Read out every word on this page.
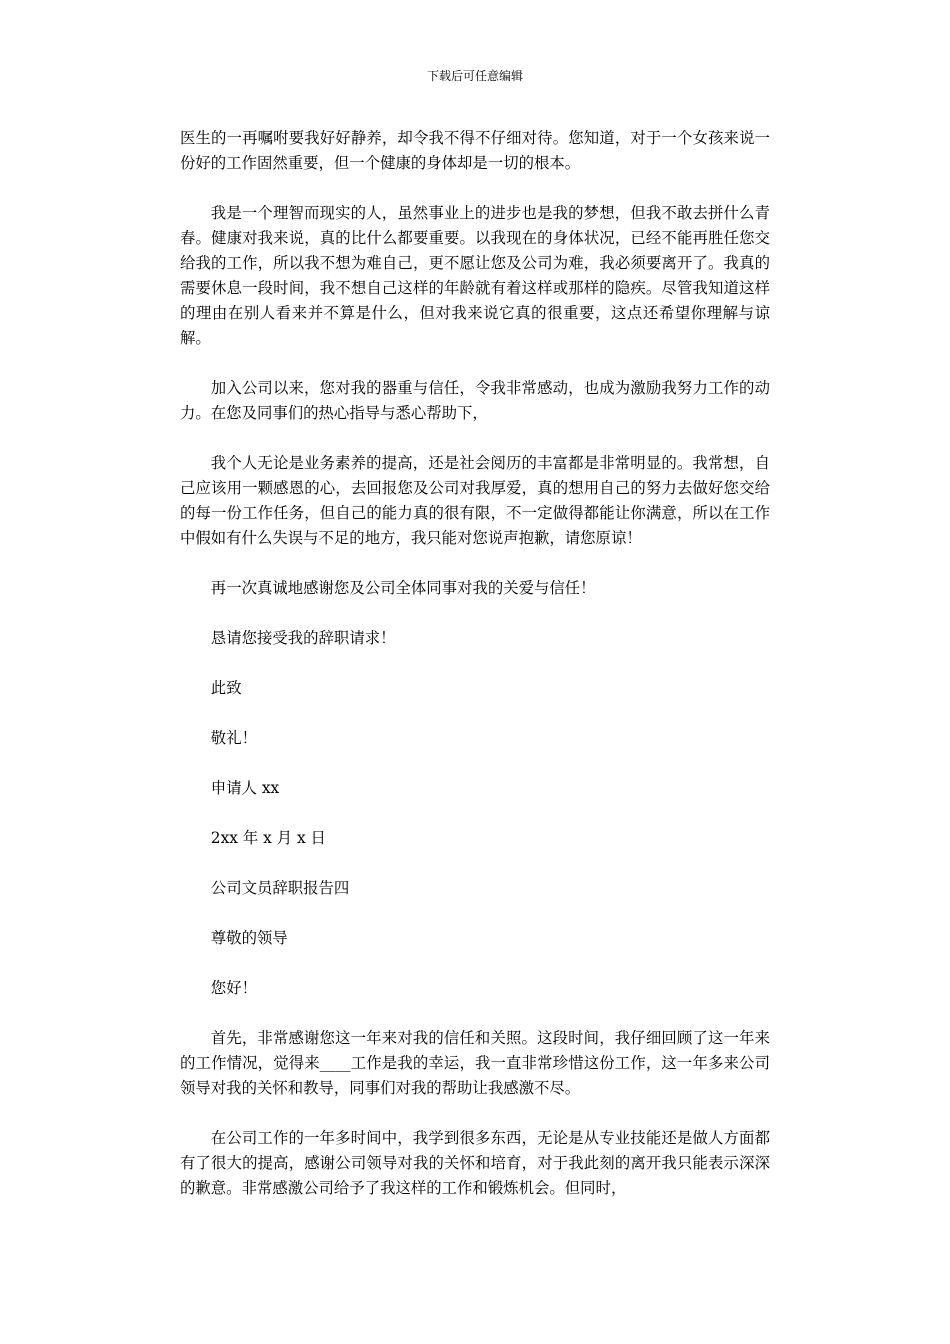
下载后可任意编辑

医生的一再嘱咐要我好好静养，却令我不得不仔细对待。您知道，对于一个女孩来说一份好的工作固然重要，但一个健康的身体却是一切的根本。

我是一个理智而现实的人，虽然事业上的进步也是我的梦想，但我不敢去拼什么青春。健康对我来说，真的比什么都要重要。以我现在的身体状况，已经不能再胜任您交给我的工作，所以我不想为难自己，更不愿让您及公司为难，我必须要离开了。我真的需要休息一段时间，我不想自己这样的年龄就有着这样或那样的隐疾。尽管我知道这样的理由在别人看来并不算是什么，但对我来说它真的很重要，这点还希望你理解与谅解。

加入公司以来，您对我的器重与信任，令我非常感动，也成为激励我努力工作的动力。在您及同事们的热心指导与悉心帮助下，

我个人无论是业务素养的提高，还是社会阅历的丰富都是非常明显的。我常想，自己应该用一颗感恩的心，去回报您及公司对我厚爱，真的想用自己的努力去做好您交给的每一份工作任务，但自己的能力真的很有限，不一定做得都能让你满意，所以在工作中假如有什么失误与不足的地方，我只能对您说声抱歉，请您原谅！

再一次真诚地感谢您及公司全体同事对我的关爱与信任！

恳请您接受我的辞职请求！

此致

敬礼！

申请人 xx

2xx 年 x 月 x 日

公司文员辞职报告四

尊敬的领导

您好！

首先，非常感谢您这一年来对我的信任和关照。这段时间，我仔细回顾了这一年来的工作情况，觉得来____工作是我的幸运，我一直非常珍惜这份工作，这一年多来公司领导对我的关怀和教导，同事们对我的帮助让我感激不尽。

在公司工作的一年多时间中，我学到很多东西，无论是从专业技能还是做人方面都有了很大的提高，感谢公司领导对我的关怀和培育，对于我此刻的离开我只能表示深深的歉意。非常感激公司给予了我这样的工作和锻炼机会。但同时，
